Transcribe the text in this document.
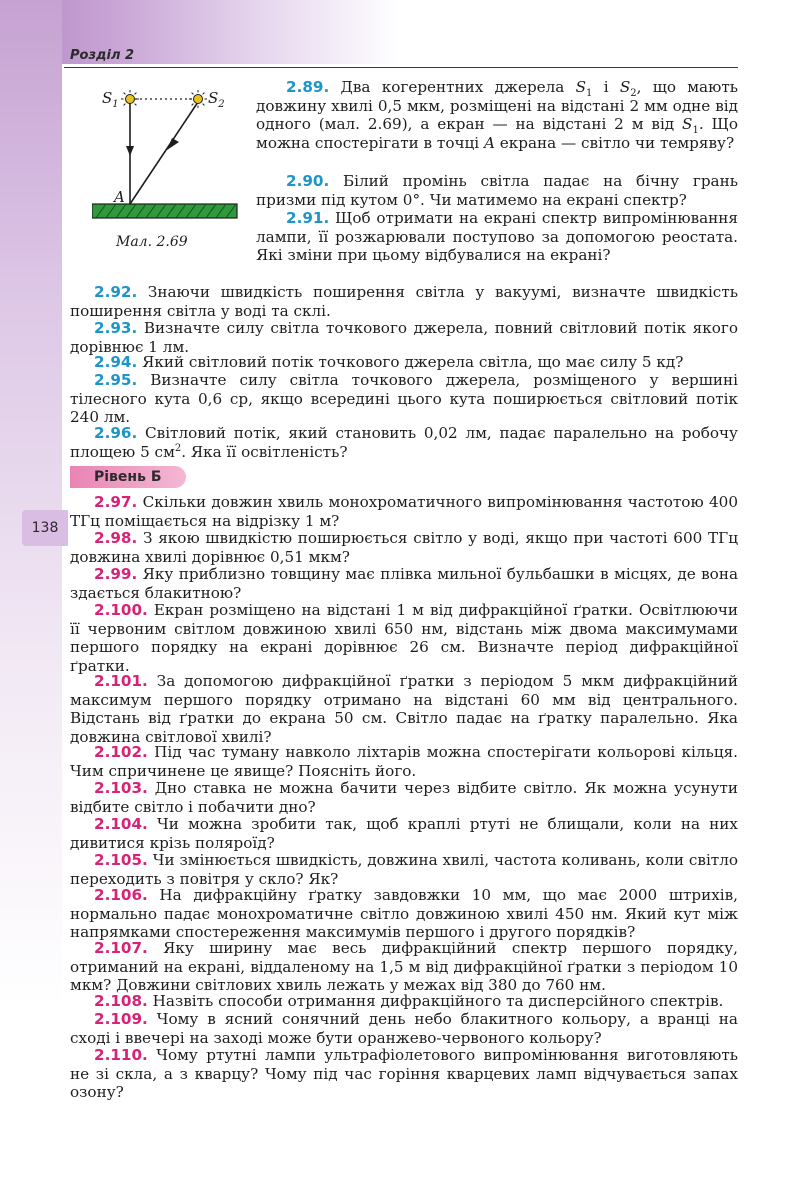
Розділ 2

138

$S_1$	$S_2$

A

Мал. 2.69

2.89. Два когерентних джерела $S_1$ і $S_2$, що мають довжину хвилі 0,5 мкм, розміщені на відстані 2 мм одне від одного (мал. 2.69), а екран — на відстані 2 м від $S_1$. Що можна спостерігати в точці A екрана — світло чи темряву?

2.90. Білий промінь світла падає на бічну грань призми під кутом 0°. Чи матимемо на екрані спектр?

2.91. Щоб отримати на екрані спектр випромінювання лампи, її розжарювали поступово за допомогою реостата. Які зміни при цьому відбувалися на екрані?

2.92. Знаючи швидкість поширення світла у вакуумі, визначте швидкість поширення світла у воді та склі.

2.93. Визначте силу світла точкового джерела, повний світловий потік якого дорівнює 1 лм.

2.94. Який світловий потік точкового джерела світла, що має силу 5 кд?

2.95. Визначте силу світла точкового джерела, розміщеного у вершині тілесного кута 0,6 ср, якщо всередині цього кута поширюється світловий потік 240 лм.

2.96. Світловий потік, який становить 0,02 лм, падає паралельно на робочу площею 5 $см^2$. Яка її освітленість?

Рівень Б

2.97. Скільки довжин хвиль монохроматичного випромінювання частотою 400 ТГц поміщається на відрізку 1 м?

2.98. З якою швидкістю поширюється світло у воді, якщо при частоті 600 ТГц довжина хвилі дорівнює 0,51 мкм?

2.99. Яку приблизно товщину має плівка мильної бульбашки в місцях, де вона здається блакитною?

2.100. Екран розміщено на відстані 1 м від дифракційної ґратки. Освітлюючи її червоним світлом довжиною хвилі 650 нм, відстань між двома максимумами першого порядку на екрані дорівнює 26 см. Визначте період дифракційної ґратки.

2.101. За допомогою дифракційної ґратки з періодом 5 мкм дифракційний максимум першого порядку отримано на відстані 60 мм від центрального. Відстань від ґратки до екрана 50 см. Світло падає на ґратку паралельно. Яка довжина світлової хвилі?

2.102. Під час туману навколо ліхтарів можна спостерігати кольорові кільця. Чим спричинене це явище? Поясніть його.

2.103. Дно ставка не можна бачити через відбите світло. Як можна усунути відбите світло і побачити дно?

2.104. Чи можна зробити так, щоб краплі ртуті не блищали, коли на них дивитися крізь поляроїд?

2.105. Чи змінюється швидкість, довжина хвилі, частота коливань, коли світло переходить з повітря у скло? Як?

2.106. На дифракційну ґратку завдовжки 10 мм, що має 2000 штрихів, нормально падає монохроматичне світло довжиною хвилі 450 нм. Який кут між напрямками спостереження максимумів першого і другого порядків?

2.107. Яку ширину має весь дифракційний спектр першого порядку, отриманий на екрані, віддаленому на 1,5 м від дифракційної ґратки з періодом 10 мкм? Довжини світлових хвиль лежать у межах від 380 до 760 нм.

2.108. Назвіть способи отримання дифракційного та дисперсійного спектрів.

2.109. Чому в ясний сонячний день небо блакитного кольору, а вранці на сході і ввечері на заході може бути оранжево-червоного кольору?

2.110. Чому ртутні лампи ультрафіолетового випромінювання виготовляють не зі скла, а з кварцу? Чому під час горіння кварцевих ламп відчувається запах озону?
